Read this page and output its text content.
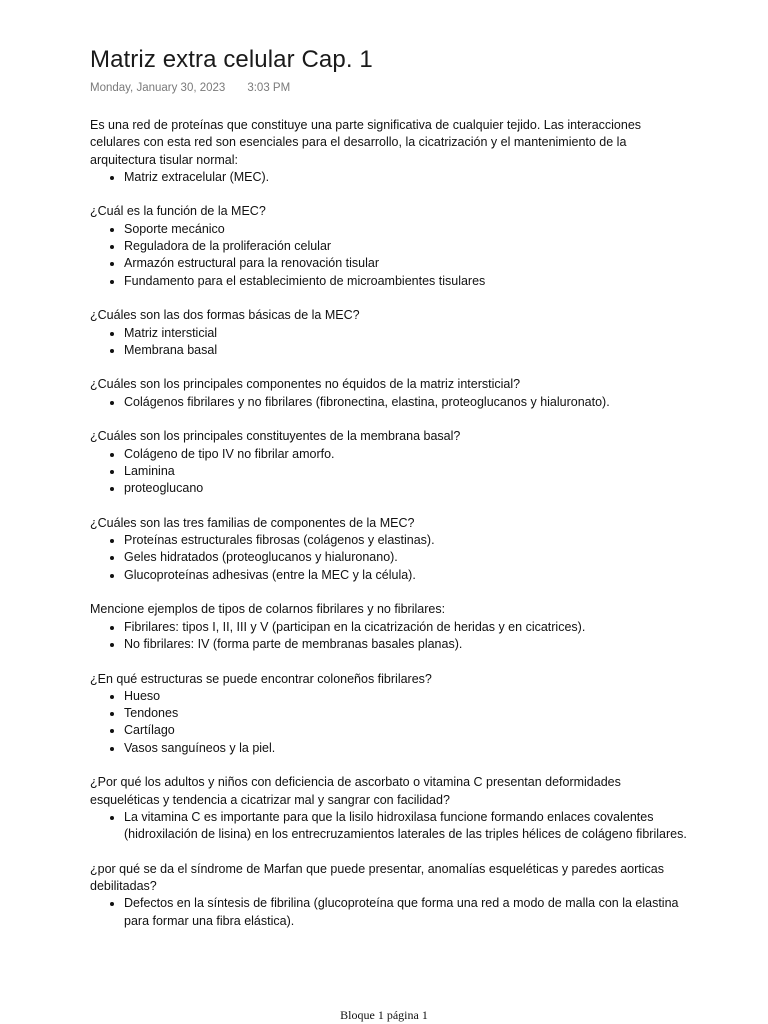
Matriz extra celular Cap. 1
Monday, January 30, 2023 3:03 PM

Es una red de proteínas que constituye una parte significativa de cualquier tejido. Las interacciones celulares con esta red son esenciales para el desarrollo, la cicatrización y el mantenimiento de la arquitectura tisular normal:

• Matriz extracelular (MEC).

¿Cuál es la función de la MEC?

• Soporte mecánico
• Reguladora de la proliferación celular
• Armazón estructural para la renovación tisular
• Fundamento para el establecimiento de microambientes tisulares

¿Cuáles son las dos formas básicas de la MEC?

• Matriz intersticial
• Membrana basal

¿Cuáles son los principales componentes no équidos de la matriz intersticial?

• Colágenos fibrilares y no fibrilares (fibronectina, elastina, proteoglucanos y hialuronato).

¿Cuáles son los principales constituyentes de la membrana basal?

• Colágeno de tipo IV no fibrilar amorfo.
• Laminina
• proteoglucano

¿Cuáles son las tres familias de componentes de la MEC?

• Proteínas estructurales fibrosas (colágenos y elastinas).
• Geles hidratados (proteoglucanos y hialuronano).
• Glucoproteínas adhesivas (entre la MEC y la célula).

Mencione ejemplos de tipos de colarnos fibrilares y no fibrilares:

• Fibrilares: tipos I, II, III y V (participan en la cicatrización de heridas y en cicatrices).
• No fibrilares: IV (forma parte de membranas basales planas).

¿En qué estructuras se puede encontrar coloneños fibrilares?

• Hueso
• Tendones
• Cartílago
• Vasos sanguíneos y la piel.

¿Por qué los adultos y niños con deficiencia de ascorbato o vitamina C presentan deformidades esqueléticas y tendencia a cicatrizar mal y sangrar con facilidad?

• La vitamina C es importante para que la lisilo hidroxilasa funcione formando enlaces covalentes (hidroxilación de lisina) en los entrecruzamientos laterales de las triples hélices de colágeno fibrilares.

¿por qué se da el síndrome de Marfan que puede presentar, anomalías esqueléticas y paredes aorticas debilitadas?

• Defectos en la síntesis de fibrilina (glucoproteína que forma una red a modo de malla con la elastina para formar una fibra elástica).
Bloque 1 página 1
